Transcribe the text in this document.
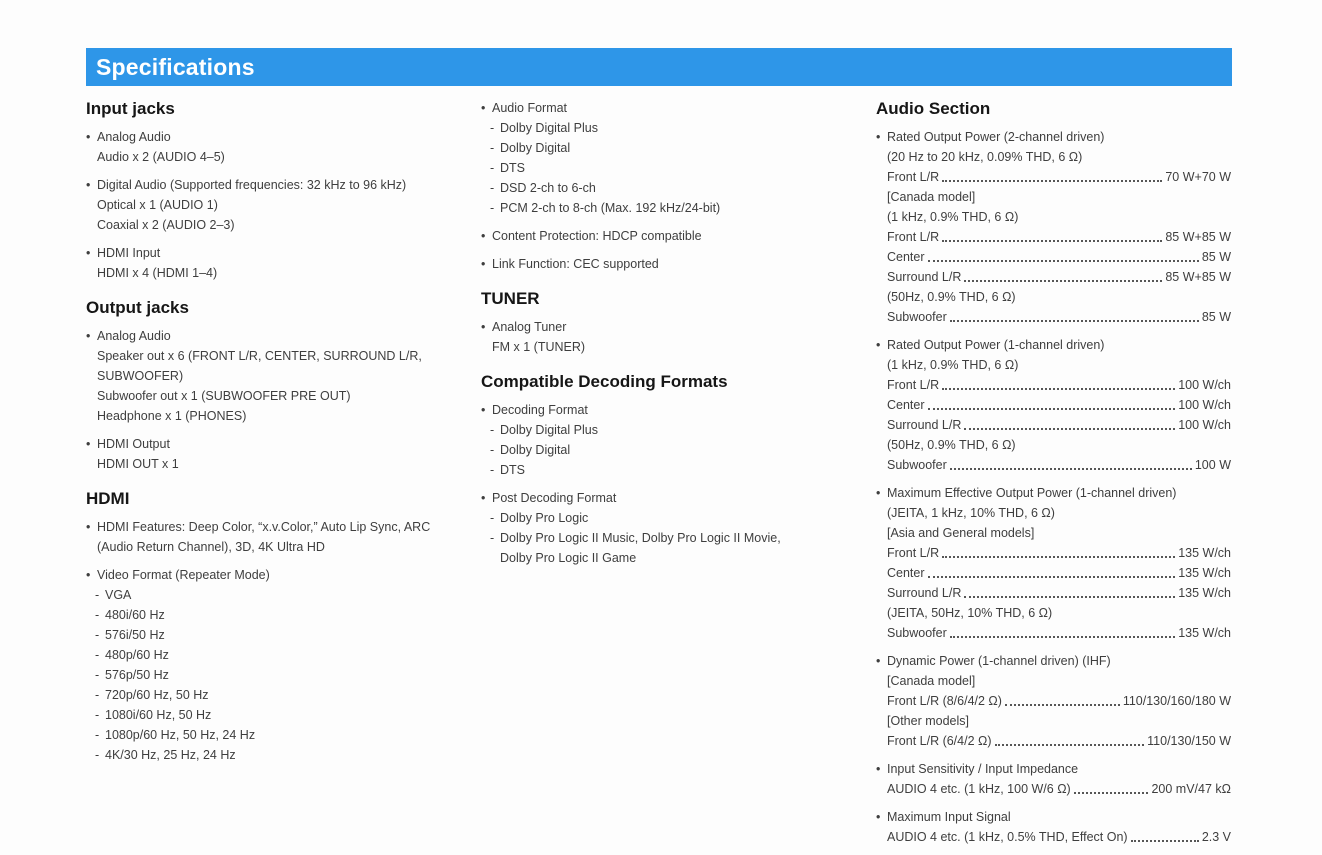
Specifications
Input jacks
• Analog Audio
Audio x 2 (AUDIO 4–5)
• Digital Audio (Supported frequencies: 32 kHz to 96 kHz)
Optical x 1 (AUDIO 1)
Coaxial x 2 (AUDIO 2–3)
• HDMI Input
HDMI x 4 (HDMI 1–4)
Output jacks
• Analog Audio
Speaker out x 6 (FRONT L/R, CENTER, SURROUND L/R,
SUBWOOFER)
Subwoofer out x 1 (SUBWOOFER PRE OUT)
Headphone x 1 (PHONES)
• HDMI Output
HDMI OUT x 1
HDMI
• HDMI Features: Deep Color, “x.v.Color,” Auto Lip Sync, ARC
(Audio Return Channel), 3D, 4K Ultra HD
• Video Format (Repeater Mode)
- VGA
- 480i/60 Hz
- 576i/50 Hz
- 480p/60 Hz
- 576p/50 Hz
- 720p/60 Hz, 50 Hz
- 1080i/60 Hz, 50 Hz
- 1080p/60 Hz, 50 Hz, 24 Hz
- 4K/30 Hz, 25 Hz, 24 Hz
• Audio Format
- Dolby Digital Plus
- Dolby Digital
- DTS
- DSD 2-ch to 6-ch
- PCM 2-ch to 8-ch (Max. 192 kHz/24-bit)
• Content Protection: HDCP compatible
• Link Function: CEC supported
TUNER
• Analog Tuner
FM x 1 (TUNER)
Compatible Decoding Formats
• Decoding Format
- Dolby Digital Plus
- Dolby Digital
- DTS
• Post Decoding Format
- Dolby Pro Logic
- Dolby Pro Logic II Music, Dolby Pro Logic II Movie,
Dolby Pro Logic II Game
Audio Section
• Rated Output Power (2-channel driven)
(20 Hz to 20 kHz, 0.09% THD, 6 Ω)
Front L/R	70 W+70 W
[Canada model]
(1 kHz, 0.9% THD, 6 Ω)
Front L/R	85 W+85 W
Center	85 W
Surround L/R	85 W+85 W
(50Hz, 0.9% THD, 6 Ω)
Subwoofer	85 W
• Rated Output Power (1-channel driven)
(1 kHz, 0.9% THD, 6 Ω)
Front L/R	100 W/ch
Center	100 W/ch
Surround L/R	100 W/ch
(50Hz, 0.9% THD, 6 Ω)
Subwoofer	100 W
• Maximum Effective Output Power (1-channel driven)
(JEITA, 1 kHz, 10% THD, 6 Ω)
[Asia and General models]
Front L/R	135 W/ch
Center	135 W/ch
Surround L/R	135 W/ch
(JEITA, 50Hz, 10% THD, 6 Ω)
Subwoofer	135 W/ch
• Dynamic Power (1-channel driven) (IHF)
[Canada model]
Front L/R (8/6/4/2 Ω)	110/130/160/180 W
[Other models]
Front L/R (6/4/2 Ω)	110/130/150 W
• Input Sensitivity / Input Impedance
AUDIO 4 etc. (1 kHz, 100 W/6 Ω)	200 mV/47 kΩ
• Maximum Input Signal
AUDIO 4 etc. (1 kHz, 0.5% THD, Effect On)	2.3 V
